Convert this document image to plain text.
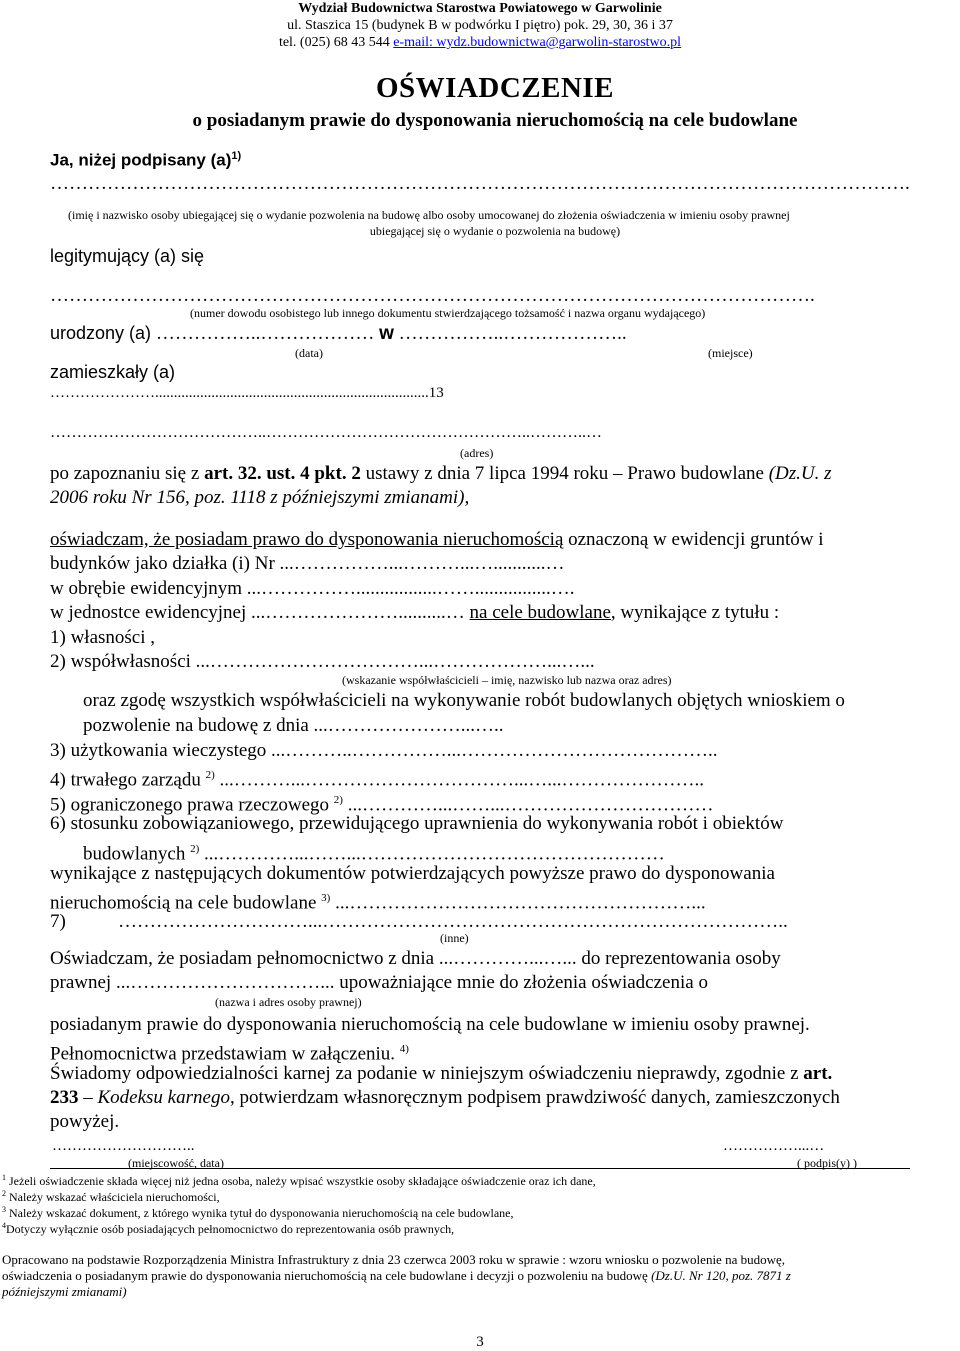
Wydział Budownictwa Starostwa Powiatowego w Garwolinie
ul. Staszica 15 (budynek B w podwórku I piętro) pok. 29, 30, 36 i 37
tel. (025) 68 43 544 e-mail: wydz.budownictwa@garwolin-starostwo.pl
OŚWIADCZENIE
o posiadanym prawie do dysponowania nieruchomością na cele budowlane
Ja, niżej podpisany $(a)^{1)}$
……………………………………………………………………………………………………………………….
(imię i nazwisko osoby ubiegającej się o wydanie pozwolenia na budowę albo osoby umocowanej do złożenia oświadczenia w imieniu osoby prawnej
ubiegającej się o wydanie o pozwolenia na budowę)
legitymujący (a) się
………………………………………………………………………………………………………….
(numer dowodu osobistego lub innego dokumentu stwierdzającego tożsamość i nazwa organu wydającego)
urodzony (a) ……………..……………… w ……………..………………..
(data)	(miejsce)
zamieszkały (a)
………………….........................................................................13
…………………………………..…………………………………………..………..…
(adres)
po zapoznaniu się z art. 32. ust. 4 pkt. 2 ustawy z dnia 7 lipca 1994 roku – Prawo budowlane (Dz.U. z
2006 roku Nr 156, poz. 1118 z późniejszymi zmianami),
oświadczam, że posiadam prawo do dysponowania nieruchomością oznaczoną w ewidencji gruntów i
budynków jako działka (i) Nr ...……………...………...…...........…
w obrębie ewidencyjnym ...…………….................……................….
w jednostce ewidencyjnej ...…………………..........… na cele budowlane, wynikające z tytułu :
1) własności ,
2) współwłasności ...……………………………...………………...…...
(wskazanie współwłaścicieli – imię, nazwisko lub nazwa oraz adres)
oraz zgodę wszystkich współwłaścicieli na wykonywanie robót budowlanych objętych wnioskiem o
pozwolenie na budowę z dnia ...…………………...…..
3) użytkowania wieczystego ...………..……………...…………………………………..
4) trwałego zarządu $^{2)}$ ...………...……………………………...…...…………………..
5) ograniczonego prawa rzeczowego $^{2)}$ ...…………...……...……………………………
6) stosunku zobowiązaniowego, przewidującego uprawnienia do wykonywania robót i obiektów
budowlanych $^{2)}$ ...…………...……...…………………………………………
wynikające z następujących dokumentów potwierdzających powyższe prawo do dysponowania
nieruchomością na cele budowlane $^{3)}$ ...………………………………………………...
7)	…………………………...………………………………………………………………..
(inne)
Oświadczam, że posiadam pełnomocnictwo z dnia ...…………...…... do reprezentowania osoby
prawnej ...…………………………... upoważniające mnie do złożenia oświadczenia o
(nazwa i adres osoby prawnej)
posiadanym prawie do dysponowania nieruchomością na cele budowlane w imieniu osoby prawnej.
Pełnomocnictwa przedstawiam w załączeniu. $^{4)}$
Świadomy odpowiedzialności karnej za podanie w niniejszym oświadczeniu nieprawdy, zgodnie z art.
233 – Kodeksu karnego, potwierdzam własnoręcznym podpisem prawdziwość danych, zamieszczonych
powyżej.
………………………..	……………...…
(miejscowość, data)	( podpis(y) )
$^1$ Jeżeli oświadczenie składa więcej niż jedna osoba, należy wpisać wszystkie osoby składające oświadczenie oraz ich dane,
$^2$ Należy wskazać właściciela nieruchomości,
$^3$ Należy wskazać dokument, z którego wynika tytuł do dysponowania nieruchomością na cele budowlane,
$^4$Dotyczy wyłącznie osób posiadających pełnomocnictwo do reprezentowania osób prawnych,
Opracowano na podstawie Rozporządzenia Ministra Infrastruktury z dnia 23 czerwca 2003 roku w sprawie : wzoru wniosku o pozwolenie na budowę,
oświadczenia o posiadanym prawie do dysponowania nieruchomością na cele budowlane i decyzji o pozwoleniu na budowę (Dz.U. Nr 120, poz. 7871 z
późniejszymi zmianami)
3
